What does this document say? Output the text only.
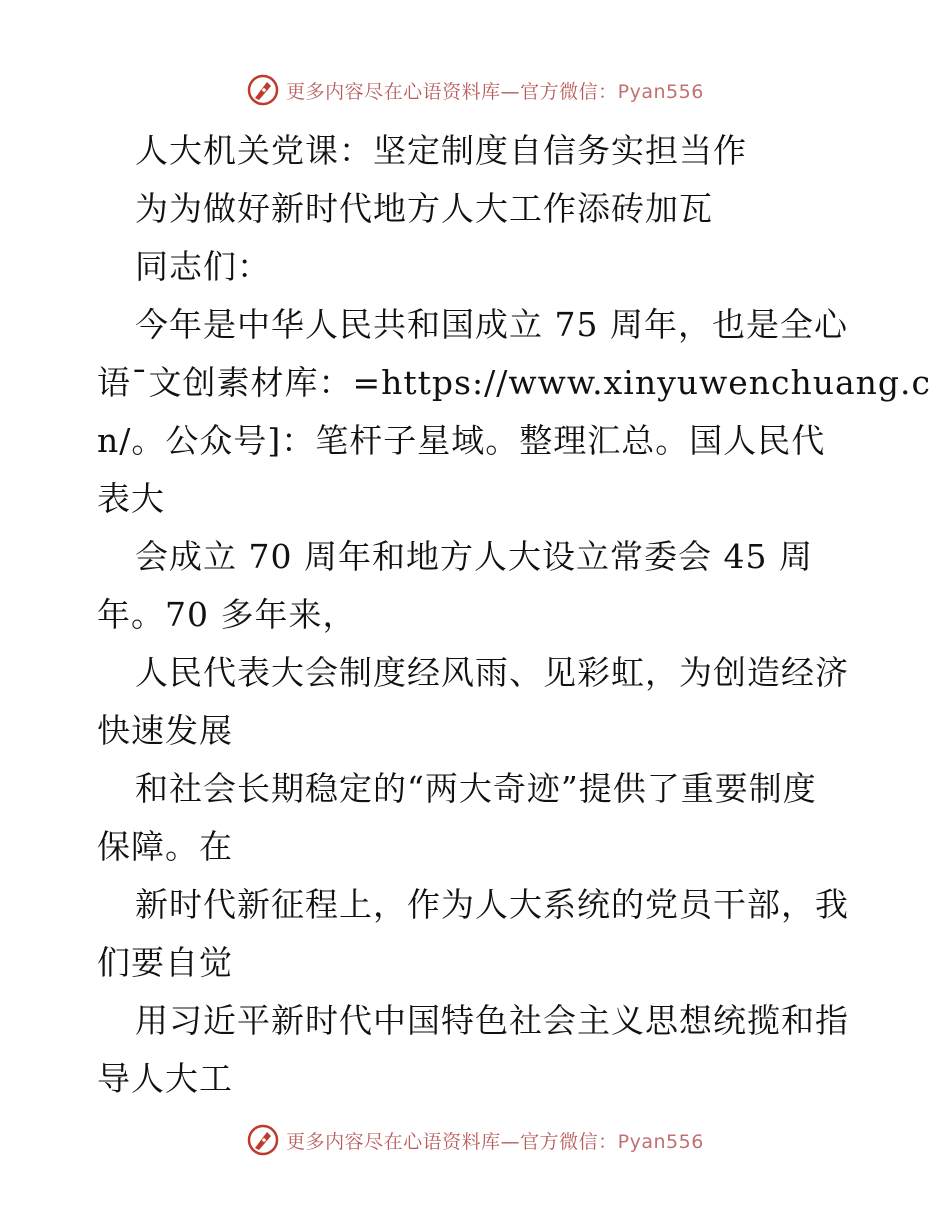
更多内容尽在心语资料库—官方微信：Pyan556
人大机关党课：坚定制度自信务实担当作
为为做好新时代地方人大工作添砖加瓦
同志们：
今年是中华人民共和国成立 75 周年，也是全心
语¯文创素材库：=https://www.xinyuwenchuang.c
n/。公众号]：笔杆子星域。整理汇总。国人民代
表大
会成立 70 周年和地方人大设立常委会 45 周
年。70 多年来，
人民代表大会制度经风雨、见彩虹，为创造经济
快速发展
和社会长期稳定的“两大奇迹”提供了重要制度
保障。在
新时代新征程上，作为人大系统的党员干部，我
们要自觉
用习近平新时代中国特色社会主义思想统揽和指
导人大工
更多内容尽在心语资料库—官方微信：Pyan556
